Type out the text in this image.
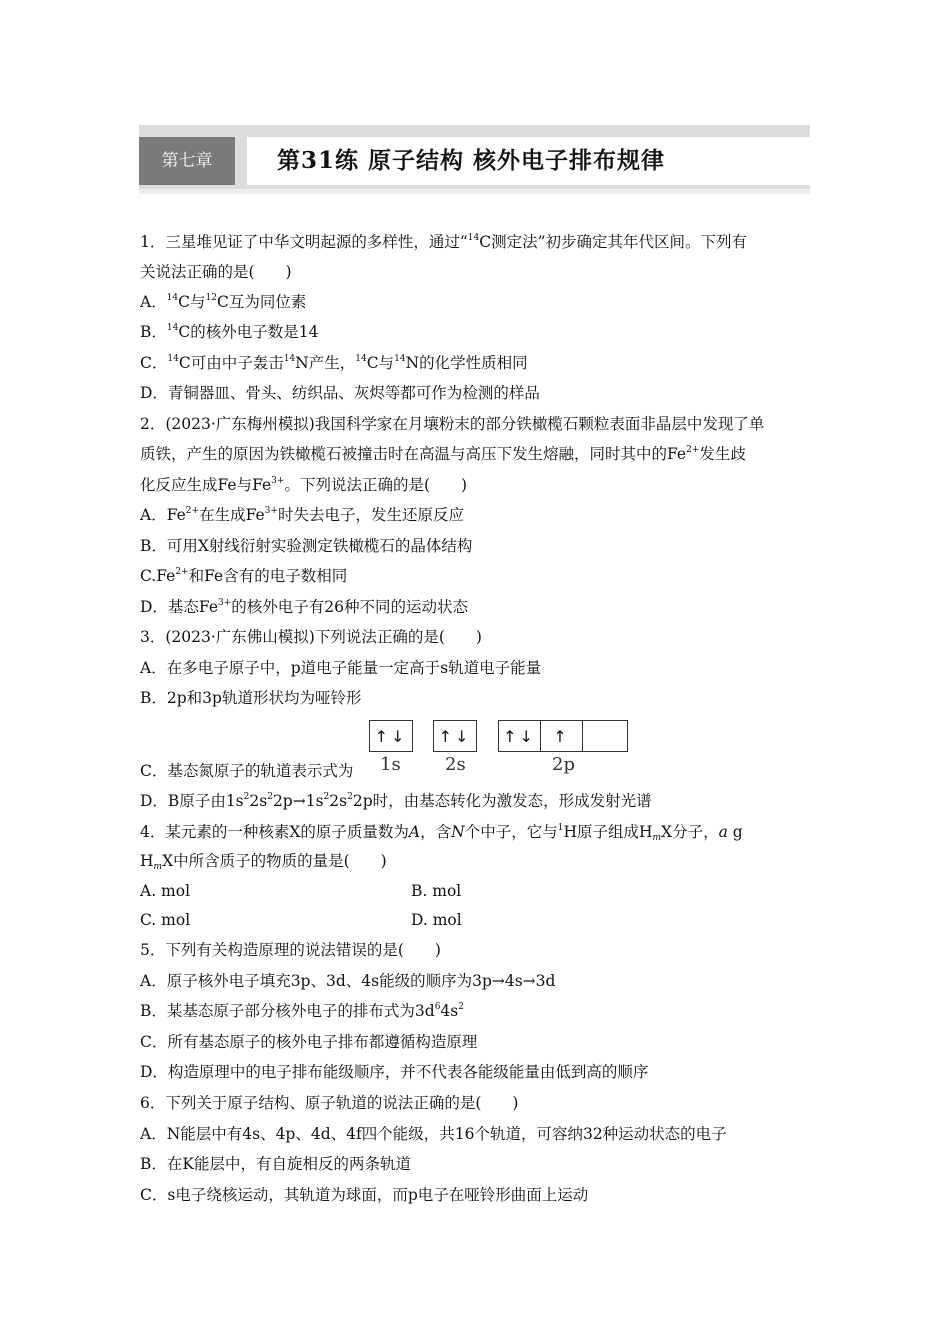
第七章	第31练 原子结构 核外电子排布规律
1．三星堆见证了中华文明起源的多样性，通过“$^{14}$C测定法”初步确定其年代区间。下列有
关说法正确的是(　　)
A．$^{14}$C与$^{12}$C互为同位素
B．$^{14}$C的核外电子数是14
C．$^{14}$C可由中子轰击$^{14}$N产生，$^{14}$C与$^{14}$N的化学性质相同
D．青铜器皿、骨头、纺织品、灰烬等都可作为检测的样品
2．(2023·广东梅州模拟)我国科学家在月壤粉末的部分铁橄榄石颗粒表面非晶层中发现了单
质铁，产生的原因为铁橄榄石被撞击时在高温与高压下发生熔融，同时其中的$Fe^{2+}$发生歧
化反应生成Fe与$Fe^{3+}$。下列说法正确的是(　　)
A．$Fe^{2+}$在生成$Fe^{3+}$时失去电子，发生还原反应
B．可用X射线衍射实验测定铁橄榄石的晶体结构
$C.Fe^{2+}$和Fe含有的电子数相同
D．基态$Fe^{3+}$的核外电子有26种不同的运动状态
3．(2023·广东佛山模拟)下列说法正确的是(　　)
A．在多电子原子中，p道电子能量一定高于s轨道电子能量
B．2p和3p轨道形状均为哑铃形
↑↓ ↑↓ ↑↓	↑
1s 2s	2p
C．基态氮原子的轨道表示式为
D．B原子由$1s^22s^22p\to 1s^22s^22p$时，由基态转化为激发态，形成发射光谱
4．某元素的一种核素X的原子质量数为A，含N个中子，它与$^1$H原子组成$H_mX$分子，a g
$H_mX$中所含质子的物质的量是(　　)
A. mol	B. mol
C. mol	D. mol
5．下列有关构造原理的说法错误的是(　　)
A．原子核外电子填充3p、3d、4s能级的顺序为3p→4s→3d
B．某基态原子部分核外电子的排布式为$3d^64s^2$
C．所有基态原子的核外电子排布都遵循构造原理
D．构造原理中的电子排布能级顺序，并不代表各能级能量由低到高的顺序
6．下列关于原子结构、原子轨道的说法正确的是(　　)
A．N能层中有4s、4p、4d、4f四个能级，共16个轨道，可容纳32种运动状态的电子
B．在K能层中，有自旋相反的两条轨道
C．s电子绕核运动，其轨道为球面，而p电子在哑铃形曲面上运动
